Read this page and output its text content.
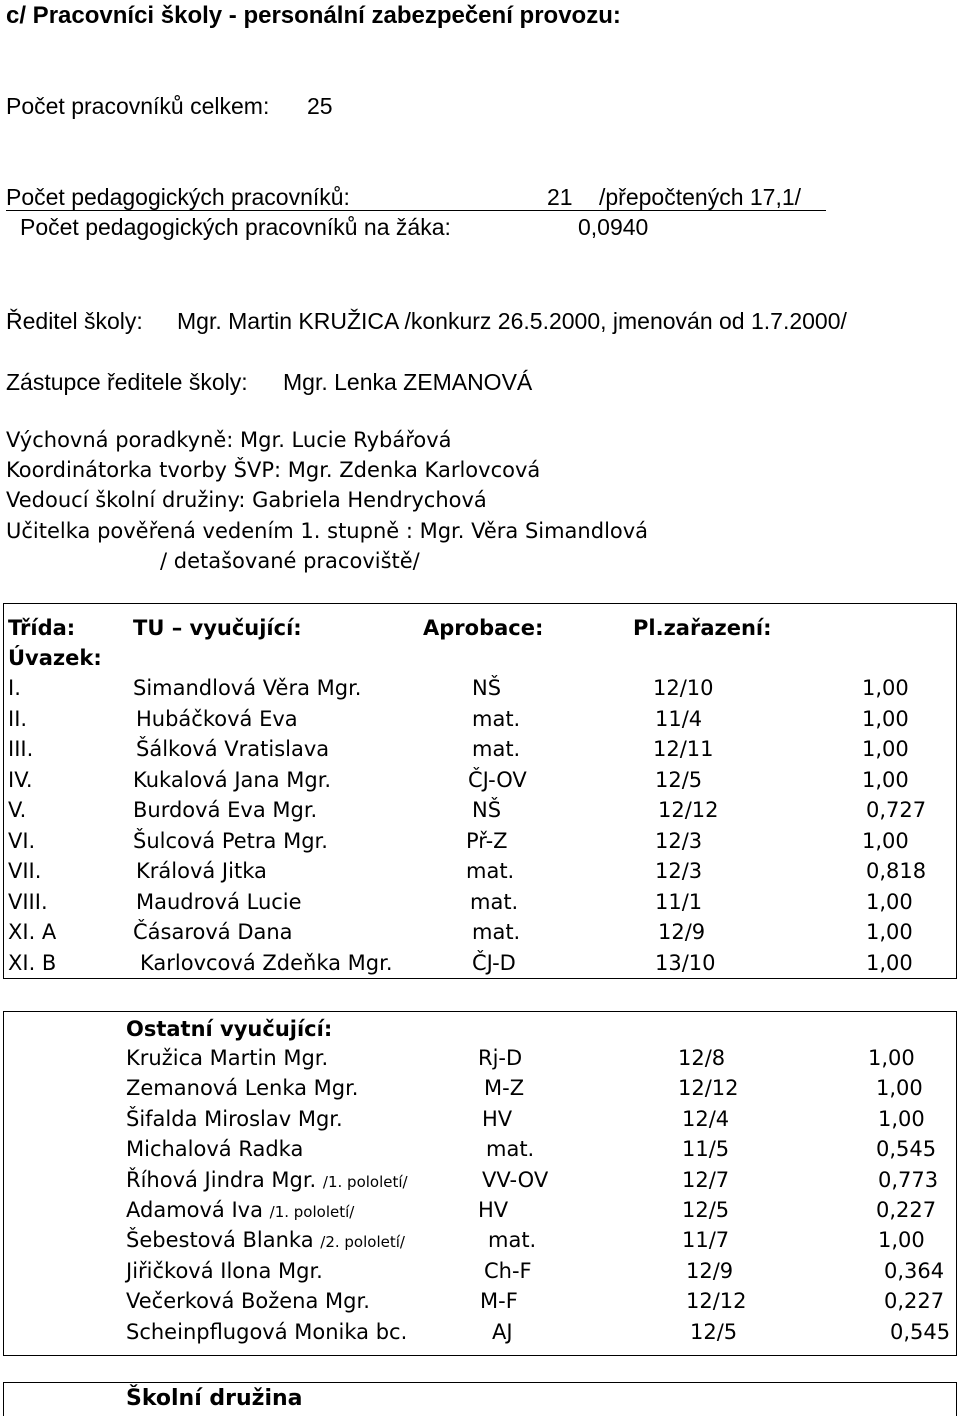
c/ Pracovníci školy - personální zabezpečení provozu:
Počet pracovníků celkem: 25
Počet pedagogických pracovníků:	21 /přepočtených 17,1/
Počet pedagogických pracovníků na žáka:	0,0940
Ředitel školy: Mgr. Martin KRUŽICA /konkurz 26.5.2000, jmenován od 1.7.2000/
Zástupce ředitele školy: Mgr. Lenka ZEMANOVÁ
Výchovná poradkyně: Mgr. Lucie Rybářová
Koordinátorka tvorby ŠVP: Mgr. Zdenka Karlovcová
Vedoucí školní družiny: Gabriela Hendrychová
Učitelka pověřená vedením 1. stupně : Mgr. Věra Simandlová
/ detašované pracoviště/
Třída:	TU – vyučující:	Aprobace:	Pl.zařazení:
Úvazek:
I.	Simandlová Věra Mgr.	NŠ	12/10	1,00
II.	Hubáčková Eva	mat.	11/4	1,00
III.	Šálková Vratislava	mat.	12/11	1,00
IV.	Kukalová Jana Mgr.	ČJ-OV	12/5	1,00
V.	Burdová Eva Mgr.	NŠ	12/12	0,727
VI.	Šulcová Petra Mgr.	Př-Z	12/3	1,00
VII.	Králová Jitka	mat.	12/3	0,818
VIII.	Maudrová Lucie	mat.	11/1	1,00
XI. A	Čásarová Dana	mat.	12/9	1,00
XI. B	Karlovcová Zdeňka Mgr.	ČJ-D	13/10	1,00
Ostatní vyučující:
Kružica Martin Mgr.	Rj-D	12/8	1,00
Zemanová Lenka Mgr.	M-Z	12/12	1,00
Šifalda Miroslav Mgr.	HV	12/4	1,00
Michalová Radka	mat.	11/5	0,545
Říhová Jindra Mgr. /1. pololetí/	VV-OV	12/7	0,773
Adamová Iva /1. pololetí/	HV	12/5	0,227
Šebestová Blanka /2. pololetí/	mat.	11/7	1,00
Jiřičková Ilona Mgr.	Ch-F	12/9	0,364
Večerková Božena Mgr.	M-F	12/12	0,227
Scheinpflugová Monika bc.	AJ	12/5	0,545
Školní družina
